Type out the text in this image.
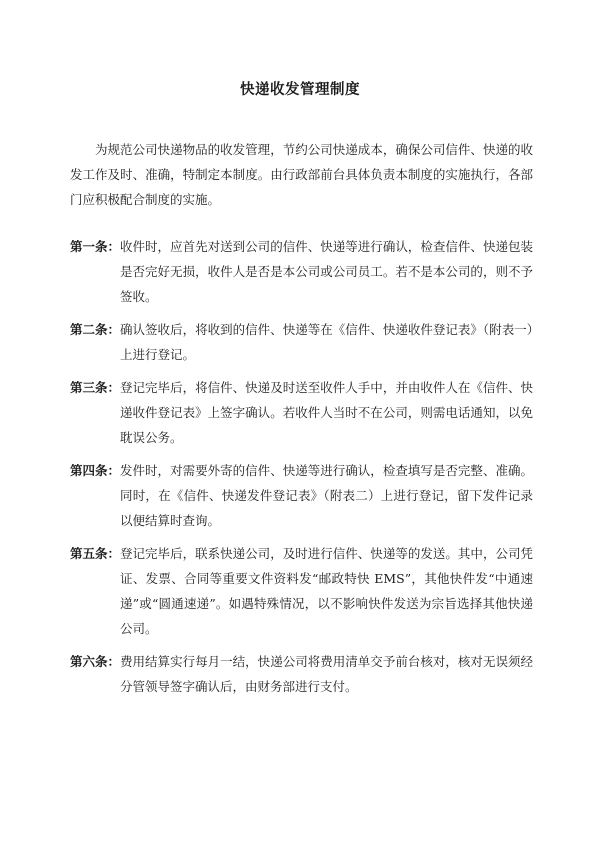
快递收发管理制度

为规范公司快递物品的收发管理，节约公司快递成本，确保公司信件、快递的收发工作及时、准确，特制定本制度。由行政部前台具体负责本制度的实施执行，各部门应积极配合制度的实施。

第一条： 收件时，应首先对送到公司的信件、快递等进行确认，检查信件、快递包装是否完好无损，收件人是否是本公司或公司员工。若不是本公司的，则不予签收。
第二条： 确认签收后，将收到的信件、快递等在《信件、快递收件登记表》（附表一）上进行登记。
第三条： 登记完毕后，将信件、快递及时送至收件人手中，并由收件人在《信件、快递收件登记表》上签字确认。若收件人当时不在公司，则需电话通知，以免耽误公务。
第四条： 发件时，对需要外寄的信件、快递等进行确认，检查填写是否完整、准确。同时，在《信件、快递发件登记表》（附表二）上进行登记，留下发件记录以便结算时查询。
第五条： 登记完毕后，联系快递公司，及时进行信件、快递等的发送。其中，公司凭证、发票、合同等重要文件资料发“邮政特快 EMS”，其他快件发“中通速递”或“圆通速递”。如遇特殊情况，以不影响快件发送为宗旨选择其他快递公司。
第六条： 费用结算实行每月一结，快递公司将费用清单交予前台核对，核对无误须经分管领导签字确认后，由财务部进行支付。
